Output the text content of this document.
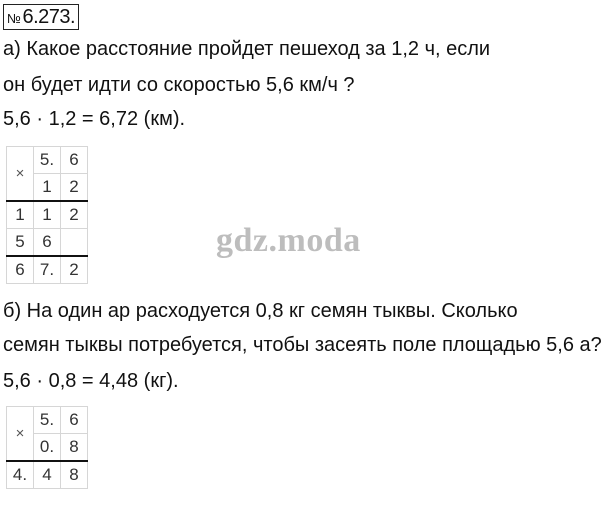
№ 6.273.
а) Какое расстояние пройдет пешеход за 1,2 ч, если
он будет идти со скоростью 5,6 км/ч ?
5,6 · 1,2 = 6,72 (км).
×	5.	6
	1	2
1	1	2
5	6	
6	7.	2
gdz.moda
б) На один ар расходуется 0,8 кг семян тыквы. Сколько
семян тыквы потребуется, чтобы засеять поле площадью 5,6 а?
5,6 · 0,8 = 4,48 (кг).
×	5.	6
	0.	8
4.	4	8
